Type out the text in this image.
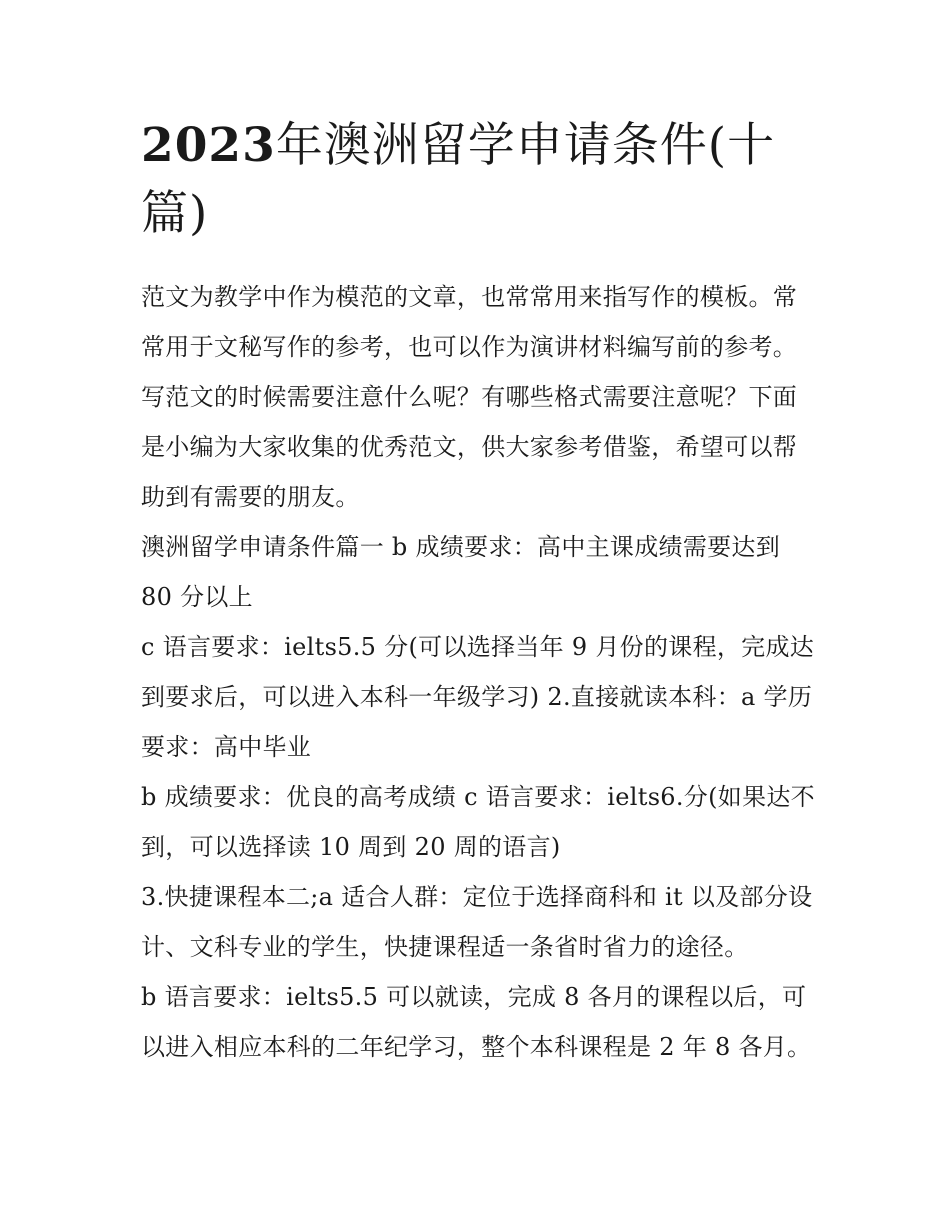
2023年澳洲留学申请条件(十篇)

范文为教学中作为模范的文章，也常常用来指写作的模板。常常用于文秘写作的参考，也可以作为演讲材料编写前的参考。写范文的时候需要注意什么呢？有哪些格式需要注意呢？下面是小编为大家收集的优秀范文，供大家参考借鉴，希望可以帮助到有需要的朋友。

澳洲留学申请条件篇一 b 成绩要求：高中主课成绩需要达到 80 分以上

c 语言要求：ielts5.5 分(可以选择当年 9 月份的课程，完成达到要求后，可以进入本科一年级学习) 2.直接就读本科：a 学历要求：高中毕业

b 成绩要求：优良的高考成绩 c 语言要求：ielts6.分(如果达不到，可以选择读 10 周到 20 周的语言)

3.快捷课程本二;a 适合人群：定位于选择商科和 it 以及部分设计、文科专业的学生，快捷课程适一条省时省力的途径。

b 语言要求：ielts5.5 可以就读，完成 8 各月的课程以后，可以进入相应本科的二年纪学习，整个本科课程是 2 年 8 各月。
